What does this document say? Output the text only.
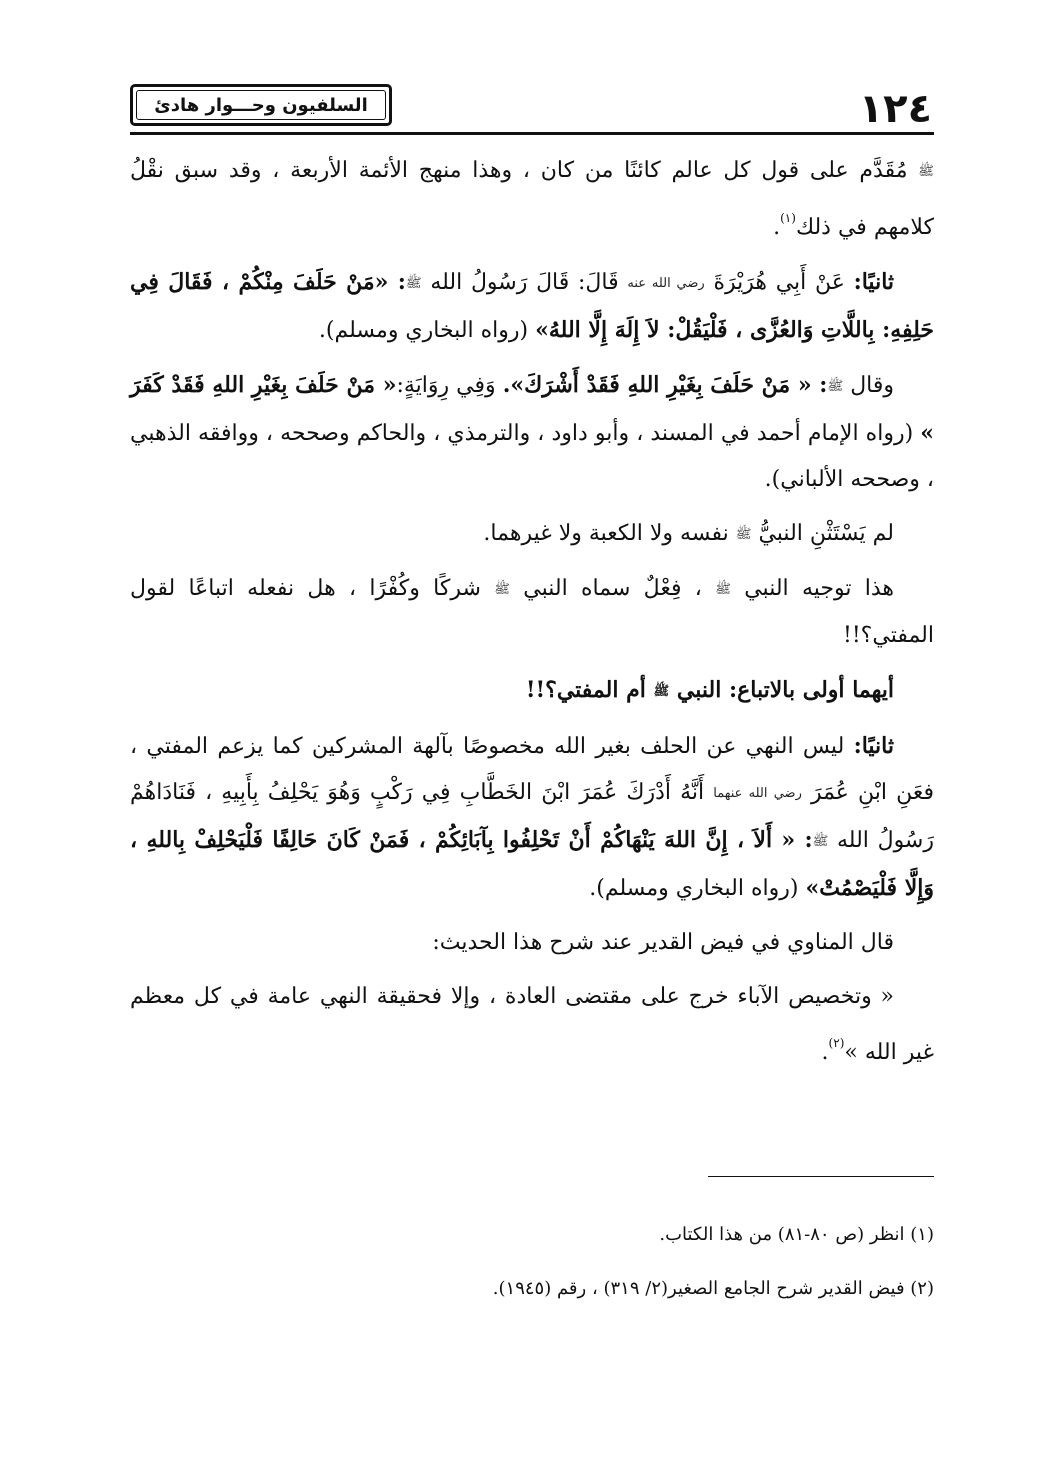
١٢٤
السلفيون وحـــوار هادئ

ﷺ مُقَدَّم على قول كل عالم كائنًا من كان ، وهذا منهج الأئمة الأربعة ، وقد سبق نقْلُ كلامهم في ذلك$^{(١)}$.

ثانيًا: عَنْ أَبِي هُرَيْرَةَ رضي الله عنه قَالَ: قَالَ رَسُولُ الله ﷺ: «مَنْ حَلَفَ مِنْكُمْ ، فَقَالَ فِي حَلِفِهِ: بِاللَّاتِ وَالعُزَّى ، فَلْيَقُلْ: لاَ إِلَهَ إِلَّا اللهُ» (رواه البخاري ومسلم).

وقال ﷺ: « مَنْ حَلَفَ بِغَيْرِ اللهِ فَقَدْ أَشْرَكَ». وَفِي رِوَايَةٍ:« مَنْ حَلَفَ بِغَيْرِ اللهِ فَقَدْ كَفَرَ » (رواه الإمام أحمد في المسند ، وأبو داود ، والترمذي ، والحاكم وصححه ، ووافقه الذهبي ، وصححه الألباني).

لم يَسْتَثْنِ النبيُّ ﷺ نفسه ولا الكعبة ولا غيرهما.

هذا توجيه النبي ﷺ ، فِعْلٌ سماه النبي ﷺ شركًا وكُفْرًا ، هل نفعله اتباعًا لقول المفتي؟!!

أيهما أولى بالاتباع: النبي ﷺ أم المفتي؟!!

ثانيًا: ليس النهي عن الحلف بغير الله مخصوصًا بآلهة المشركين كما يزعم المفتي ، فعَنِ ابْنِ عُمَرَ رضي الله عنهما أَنَّهُ أَدْرَكَ عُمَرَ ابْنَ الخَطَّابِ فِي رَكْبٍ وَهُوَ يَحْلِفُ بِأَبِيهِ ، فَنَادَاهُمْ رَسُولُ الله ﷺ: « أَلاَ ، إِنَّ اللهَ يَنْهَاكُمْ أَنْ تَحْلِفُوا بِآبَائِكُمْ ، فَمَنْ كَانَ حَالِفًا فَلْيَحْلِفْ بِاللهِ ، وَإِلَّا فَلْيَصْمُتْ» (رواه البخاري ومسلم).

قال المناوي في فيض القدير عند شرح هذا الحديث:

« وتخصيص الآباء خرج على مقتضى العادة ، وإلا فحقيقة النهي عامة في كل معظم غير الله »$^{(٢)}$.

(١) انظر (ص ٨٠-٨١) من هذا الكتاب.

(٢) فيض القدير شرح الجامع الصغير(٢/ ٣١٩) ، رقم (١٩٤٥).
